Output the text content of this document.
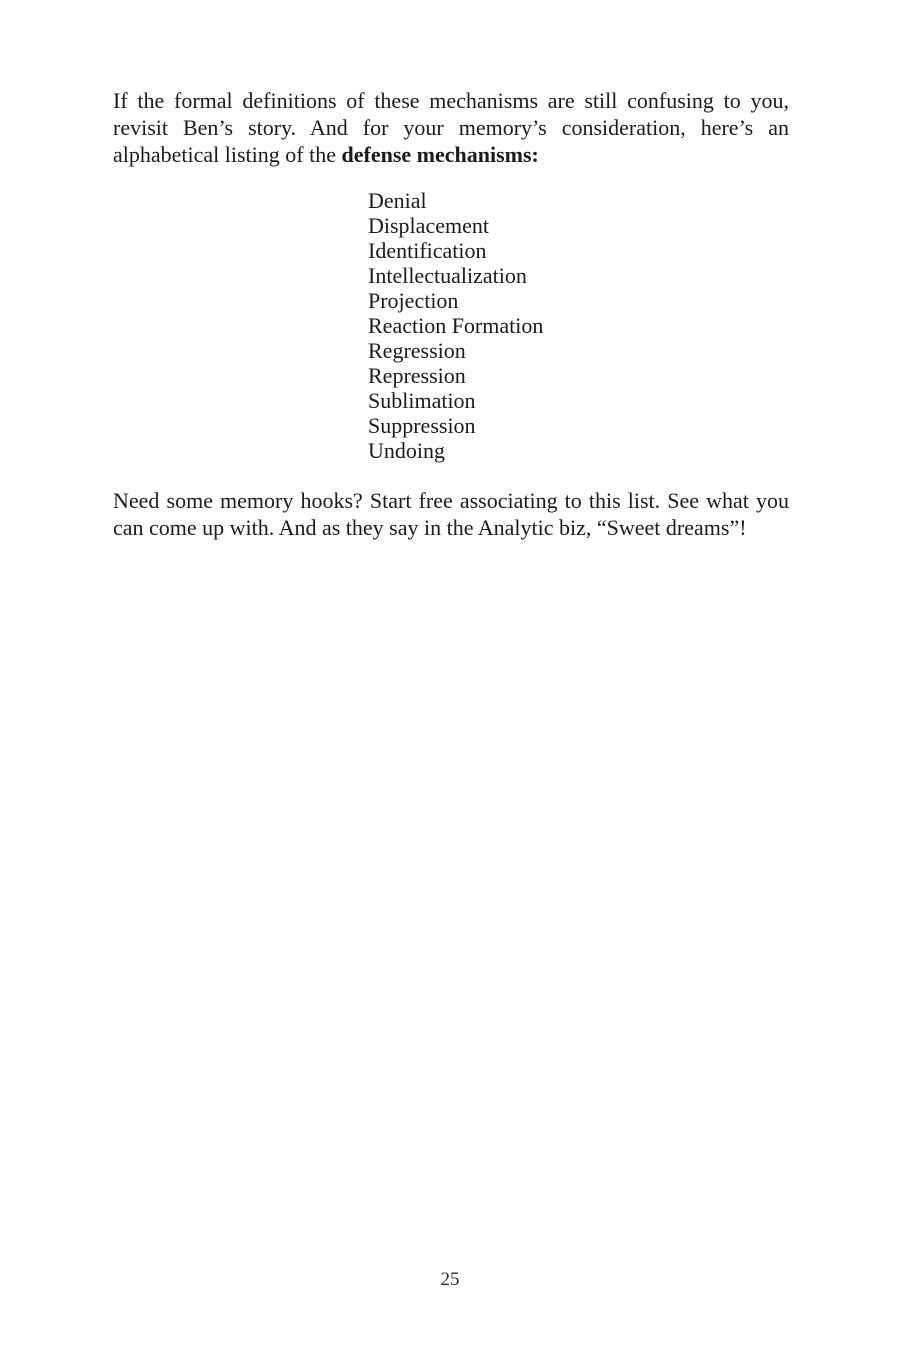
If the formal definitions of these mechanisms are still confusing to you, revisit Ben’s story. And for your memory’s consideration, here’s an alphabetical listing of the defense mechanisms:

Denial
Displacement
Identification
Intellectualization
Projection
Reaction Formation
Regression
Repression
Sublimation
Suppression
Undoing

Need some memory hooks? Start free associating to this list. See what you can come up with. And as they say in the Analytic biz, “Sweet dreams”!

25
